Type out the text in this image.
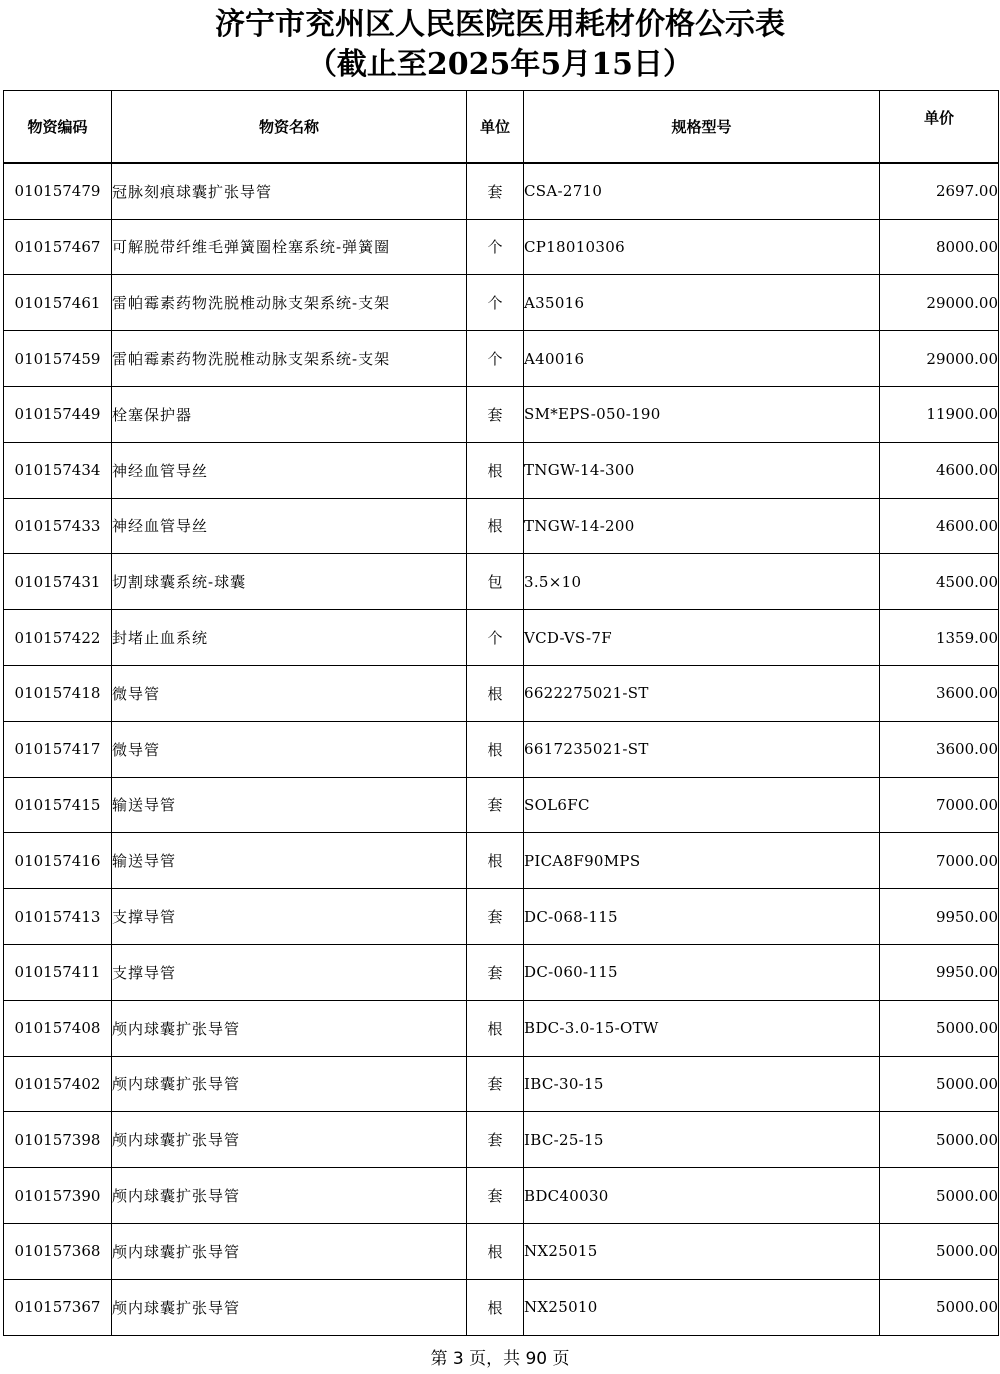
济宁市兖州区人民医院医用耗材价格公示表
（截止至2025年5月15日）
物资编码	物资名称	单位	规格型号	单价
010157479	冠脉刻痕球囊扩张导管	套	CSA-2710	2697.00
010157467	可解脱带纤维毛弹簧圈栓塞系统-弹簧圈	个	CP18010306	8000.00
010157461	雷帕霉素药物洗脱椎动脉支架系统-支架	个	A35016	29000.00
010157459	雷帕霉素药物洗脱椎动脉支架系统-支架	个	A40016	29000.00
010157449	栓塞保护器	套	SM*EPS-050-190	11900.00
010157434	神经血管导丝	根	TNGW-14-300	4600.00
010157433	神经血管导丝	根	TNGW-14-200	4600.00
010157431	切割球囊系统-球囊	包	3.5×10	4500.00
010157422	封堵止血系统	个	VCD-VS-7F	1359.00
010157418	微导管	根	6622275021-ST	3600.00
010157417	微导管	根	6617235021-ST	3600.00
010157415	输送导管	套	SOL6FC	7000.00
010157416	输送导管	根	PICA8F90MPS	7000.00
010157413	支撑导管	套	DC-068-115	9950.00
010157411	支撑导管	套	DC-060-115	9950.00
010157408	颅内球囊扩张导管	根	BDC-3.0-15-OTW	5000.00
010157402	颅内球囊扩张导管	套	IBC-30-15	5000.00
010157398	颅内球囊扩张导管	套	IBC-25-15	5000.00
010157390	颅内球囊扩张导管	套	BDC40030	5000.00
010157368	颅内球囊扩张导管	根	NX25015	5000.00
010157367	颅内球囊扩张导管	根	NX25010	5000.00
第 3 页，共 90 页
